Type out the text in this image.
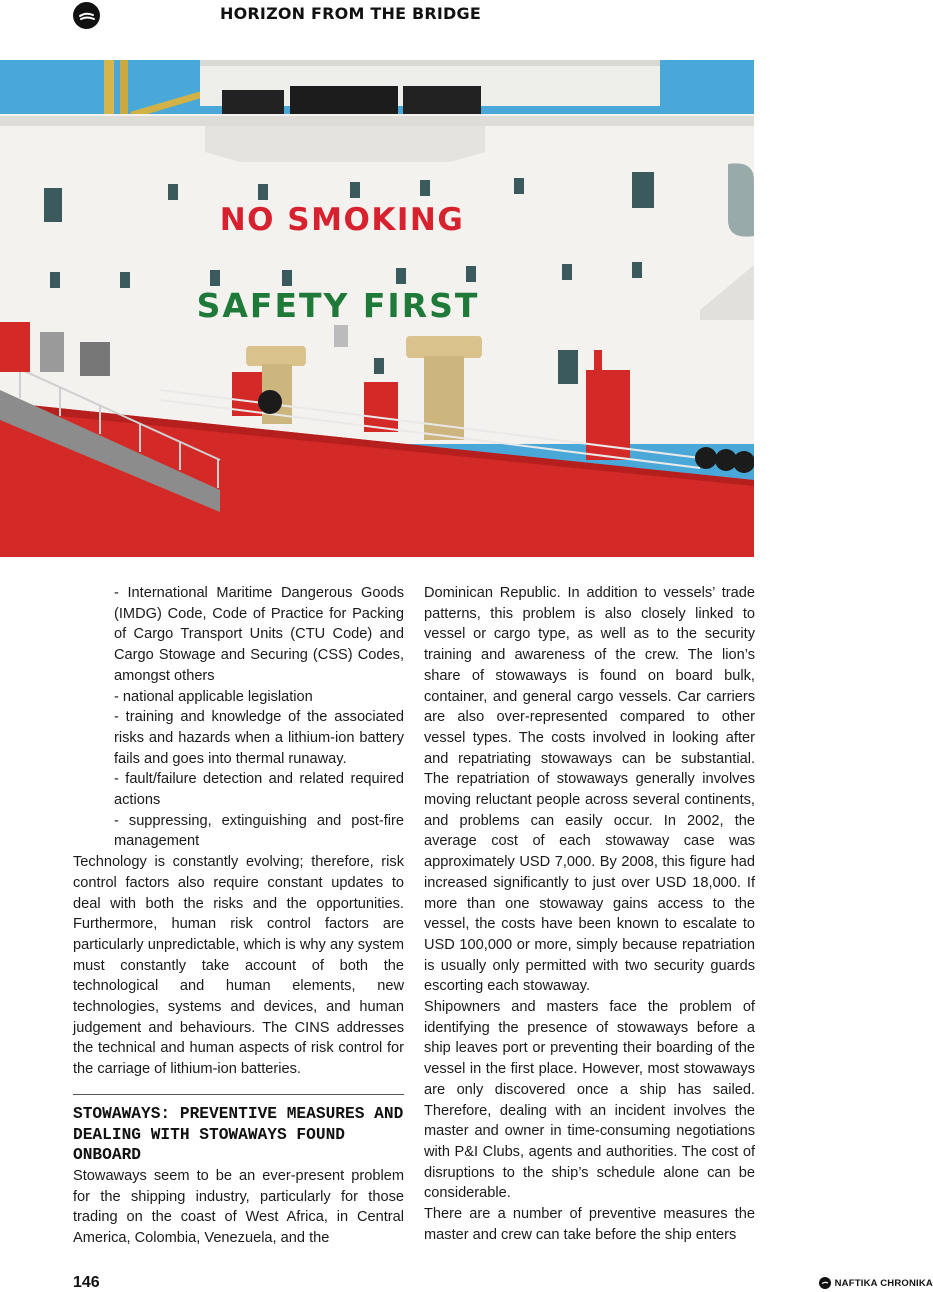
HORIZON FROM THE BRIDGE
NO SMOKING
SAFETY FIRST

- International Maritime Dangerous Goods (IMDG) Code, Code of Practice for Packing of Cargo Transport Units (CTU Code) and Cargo Stowage and Securing (CSS) Codes, amongst others

- national applicable legislation

- training and knowledge of the associated risks and hazards when a lithium-ion battery fails and goes into thermal runaway.

- fault/failure detection and related required actions

- suppressing, extinguishing and post-fire management

Technology is constantly evolving; therefore, risk control factors also require constant updates to deal with both the risks and the opportunities. Furthermore, human risk control factors are particularly unpredictable, which is why any system must constantly take account of both the technological and human elements, new technologies, systems and devices, and human judgement and behaviours. The CINS addresses the technical and human aspects of risk control for the carriage of lithium-ion batteries.

STOWAWAYS: PREVENTIVE MEASURES AND DEALING WITH STOWAWAYS FOUND ONBOARD

Stowaways seem to be an ever-present problem for the shipping industry, particularly for those trading on the coast of West Africa, in Central America, Colombia, Venezuela, and the

Dominican Republic. In addition to vessels’ trade patterns, this problem is also closely linked to vessel or cargo type, as well as to the security training and awareness of the crew. The lion’s share of stowaways is found on board bulk, container, and general cargo vessels. Car carriers are also over-represented compared to other vessel types. The costs involved in looking after and repatriating stowaways can be substantial. The repatriation of stowaways generally involves moving reluctant people across several continents, and problems can easily occur. In 2002, the average cost of each stowaway case was approximately USD 7,000. By 2008, this figure had increased significantly to just over USD 18,000. If more than one stowaway gains access to the vessel, the costs have been known to escalate to USD 100,000 or more, simply because repatriation is usually only permitted with two security guards escorting each stowaway.

Shipowners and masters face the problem of identifying the presence of stowaways before a ship leaves port or preventing their boarding of the vessel in the first place. However, most stowaways are only discovered once a ship has sailed. Therefore, dealing with an incident involves the master and owner in time-consuming negotiations with P&I Clubs, agents and authorities. The cost of disruptions to the ship’s schedule alone can be considerable.

There are a number of preventive measures the master and crew can take before the ship enters

146	NAFTIKA CHRONIKA
